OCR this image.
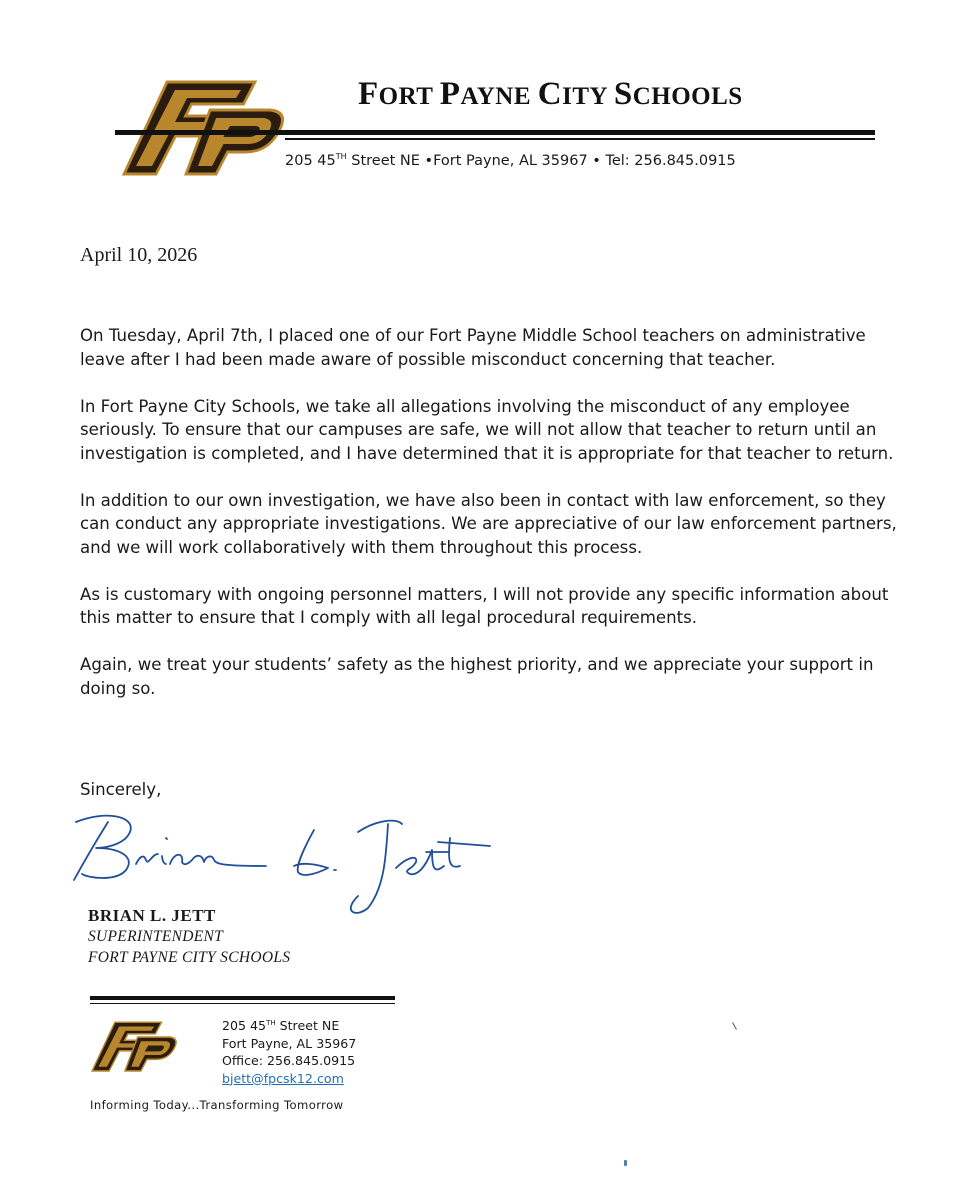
FORT PAYNE CITY SCHOOLS
205 45TH Street NE •Fort Payne, AL 35967 • Tel: 256.845.0915
April 10, 2026

On Tuesday, April 7th, I placed one of our Fort Payne Middle School teachers on administrative leave after I had been made aware of possible misconduct concerning that teacher.

In Fort Payne City Schools, we take all allegations involving the misconduct of any employee seriously. To ensure that our campuses are safe, we will not allow that teacher to return until an investigation is completed, and I have determined that it is appropriate for that teacher to return.

In addition to our own investigation, we have also been in contact with law enforcement, so they can conduct any appropriate investigations. We are appreciative of our law enforcement partners, and we will work collaboratively with them throughout this process.

As is customary with ongoing personnel matters, I will not provide any specific information about this matter to ensure that I comply with all legal procedural requirements.

Again, we treat your students’ safety as the highest priority, and we appreciate your support in doing so.

Sincerely,
BRIAN L. JETT
SUPERINTENDENT
FORT PAYNE CITY SCHOOLS
205 45TH Street NE
Fort Payne, AL 35967
Office: 256.845.0915
bjett@fpcsk12.com
Informing Today...Transforming Tomorrow
